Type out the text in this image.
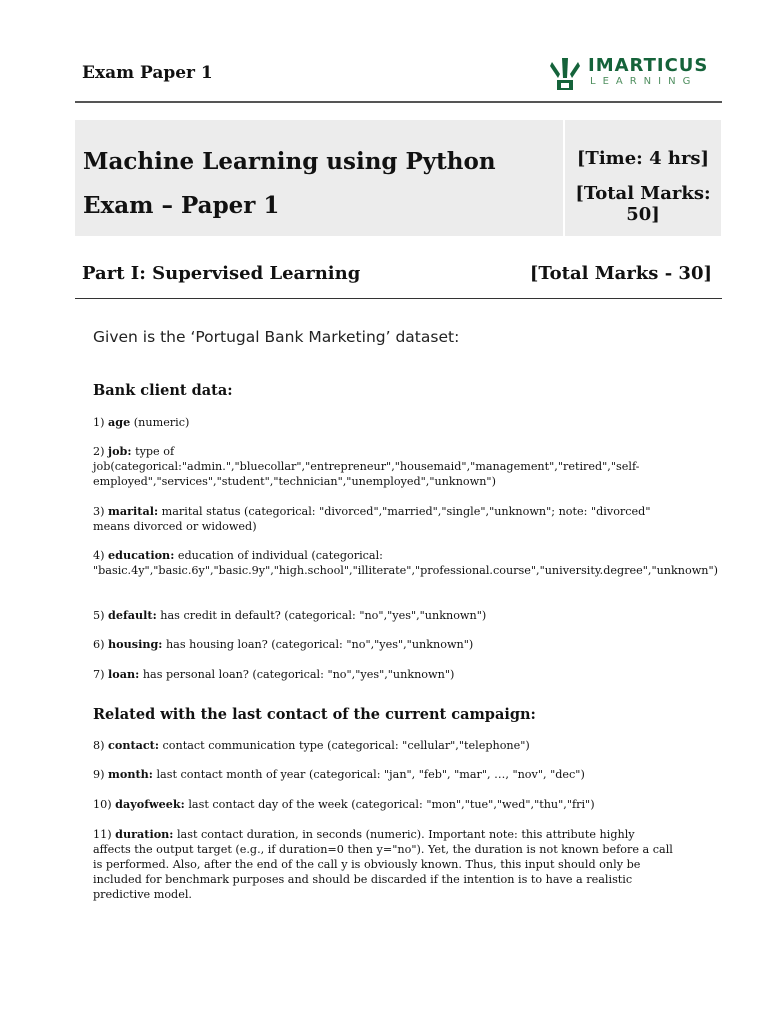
Exam Paper 1	IMARTICUS
LEARNING
Machine Learning using Python
Exam – Paper 1
[Time: 4 hrs]
[Total Marks: 50]
Part I: Supervised Learning	[Total Marks - 30]
Given is the ‘Portugal Bank Marketing’ dataset:
Bank client data:
1) age (numeric)
2) job: type of job(categorical:"admin.","bluecollar","entrepreneur","housemaid","management","retired","self-employed","services","student","technician","unemployed","unknown")
3) marital: marital status (categorical: "divorced","married","single","unknown"; note: "divorced" means divorced or widowed)
4) education: education of individual (categorical: "basic.4y","basic.6y","basic.9y","high.school","illiterate","professional.course","university.degree","unknown")
5) default: has credit in default? (categorical: "no","yes","unknown")
6) housing: has housing loan? (categorical: "no","yes","unknown")
7) loan: has personal loan? (categorical: "no","yes","unknown")
Related with the last contact of the current campaign:
8) contact: contact communication type (categorical: "cellular","telephone")
9) month: last contact month of year (categorical: "jan", "feb", "mar", …, "nov", "dec")
10) dayofweek: last contact day of the week (categorical: "mon","tue","wed","thu","fri")
11) duration: last contact duration, in seconds (numeric). Important note: this attribute highly affects the output target (e.g., if duration=0 then y="no"). Yet, the duration is not known before a call is performed. Also, after the end of the call y is obviously known. Thus, this input should only be included for benchmark purposes and should be discarded if the intention is to have a realistic predictive model.
